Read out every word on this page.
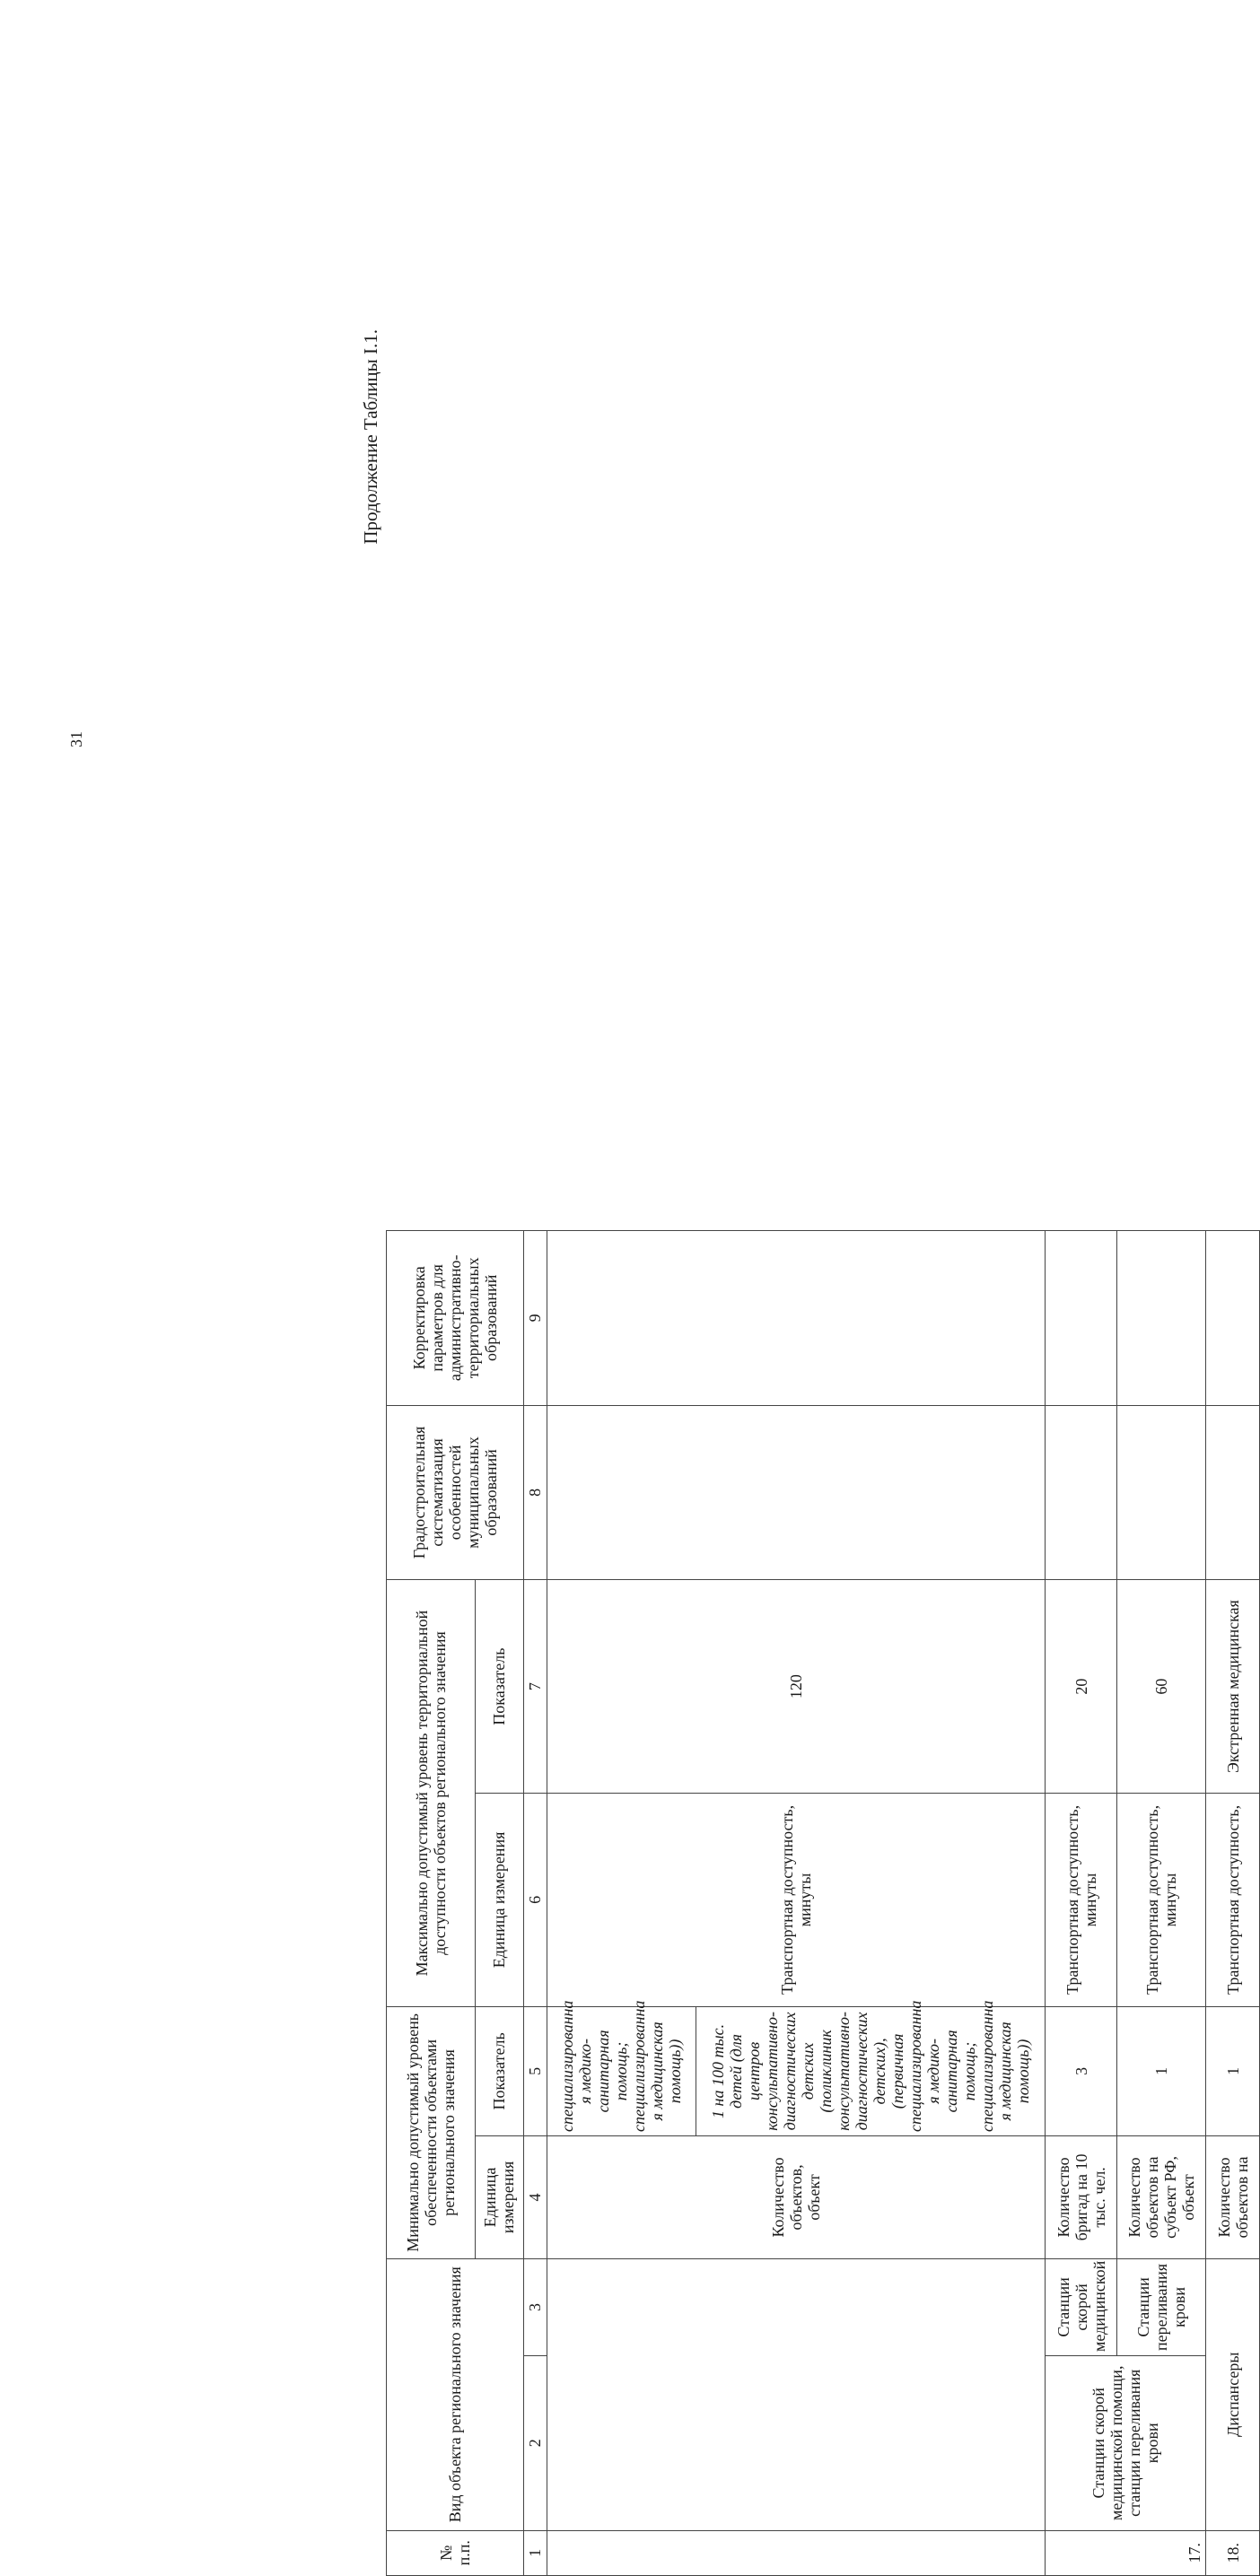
31
Продолжение Таблицы I.1.
№ п.п.	Вид объекта регионального значения		Минимально допустимый уровень обеспеченности объектами регионального значения		Максимально допустимый уровень территориальной доступности объектов регионального значения		Градостроительная систематизация особенностей муниципальных образований	Корректировка параметров для административно-территориальных образований
			Единица измерения	Показатель	Единица измерения	Показатель		
1	2	3	4	5	6	7	8	9
			Количество объектов, объект	специализированна я медико-санитарная помощь; специализированна я медицинская помощь))	Транспортная доступность, минуты	120		
				1 на 100 тыс. детей (для центров консультативно-диагностических детских (поликлиник консультативно-диагностических детских), (первичная специализированна я медико-санитарная помощь; специализированна я медицинская помощь))				
17.	Станции скорой медицинской помощи, станции переливания крови	Станции скорой медицинской	Количество бригад на 10 тыс. чел.	3	Транспортная доступность, минуты	20		
		Станции переливания крови	Количество объектов на субъект РФ, объект	1	Транспортная доступность, минуты	60		
18.	Диспансеры		Количество объектов на	1	Транспортная доступность,	Экстренная медицинская		
